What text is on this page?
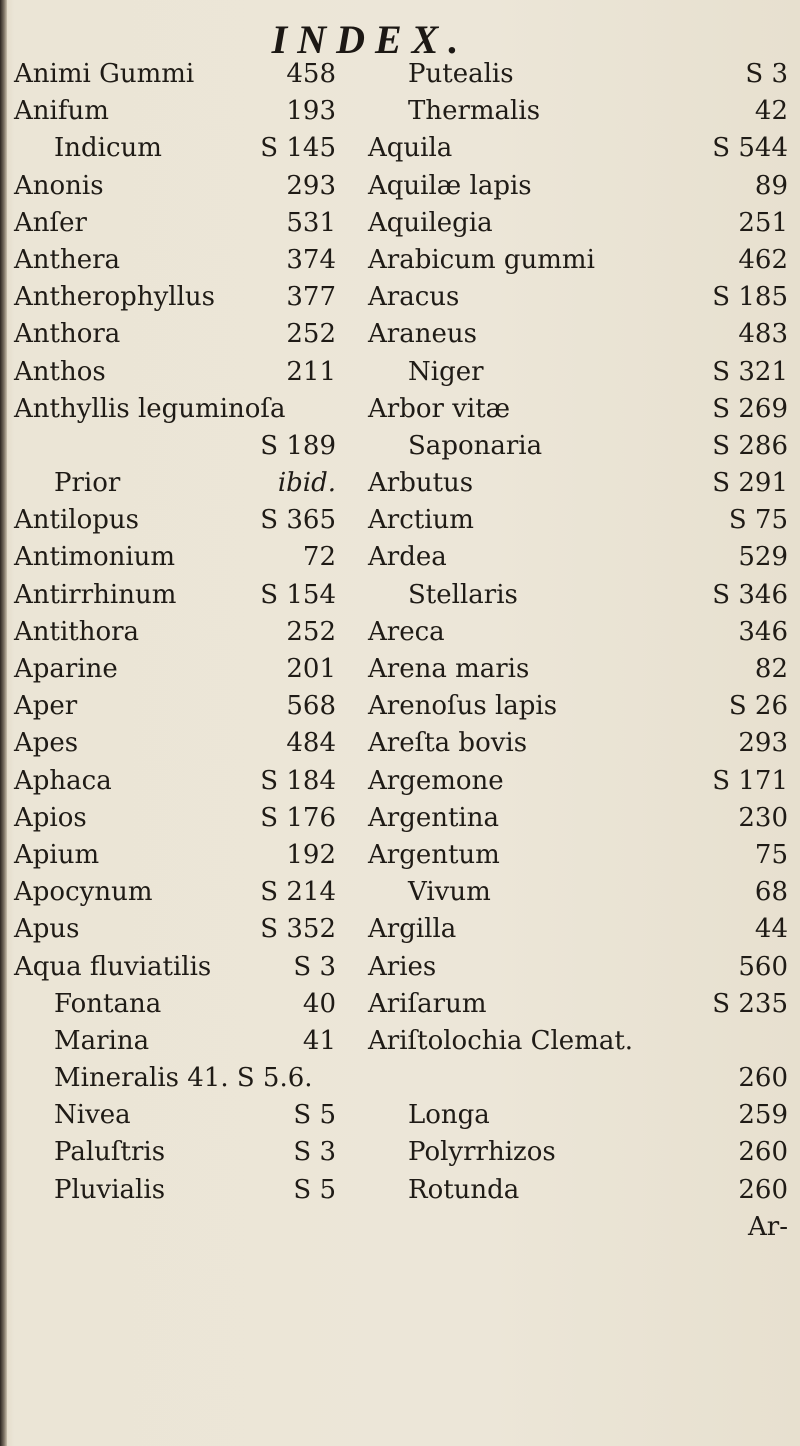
INDEX.
Animi Gummi	458
Anifum	193
Indicum	S 145
Anonis	293
Anſer	531
Anthera	374
Antherophyllus	377
Anthora	252
Anthos	211
Anthyllis leguminoſa
S 189
Prior	ibid.
Antilopus	S 365
Antimonium	72
Antirrhinum	S 154
Antithora	252
Aparine	201
Aper	568
Apes	484
Aphaca	S 184
Apios	S 176
Apium	192
Apocynum	S 214
Apus	S 352
Aqua fluviatilis	S 3
Fontana	40
Marina	41
Mineralis 41. S 5.6.
Nivea	S 5
Paluſtris	S 3
Pluvialis	S 5
Putealis	S 3
Thermalis	42
Aquila	S 544
Aquilæ lapis	89
Aquilegia	251
Arabicum gummi	462
Aracus	S 185
Araneus	483
Niger	S 321
Arbor vitæ	S 269
Saponaria	S 286
Arbutus	S 291
Arctium	S 75
Ardea	529
Stellaris	S 346
Areca	346
Arena maris	82
Arenoſus lapis	S 26
Areſta bovis	293
Argemone	S 171
Argentina	230
Argentum	75
Vivum	68
Argilla	44
Aries	560
Ariſarum	S 235
Ariſtolochia Clemat.
260
Longa	259
Polyrrhizos	260
Rotunda	260
Ar-
